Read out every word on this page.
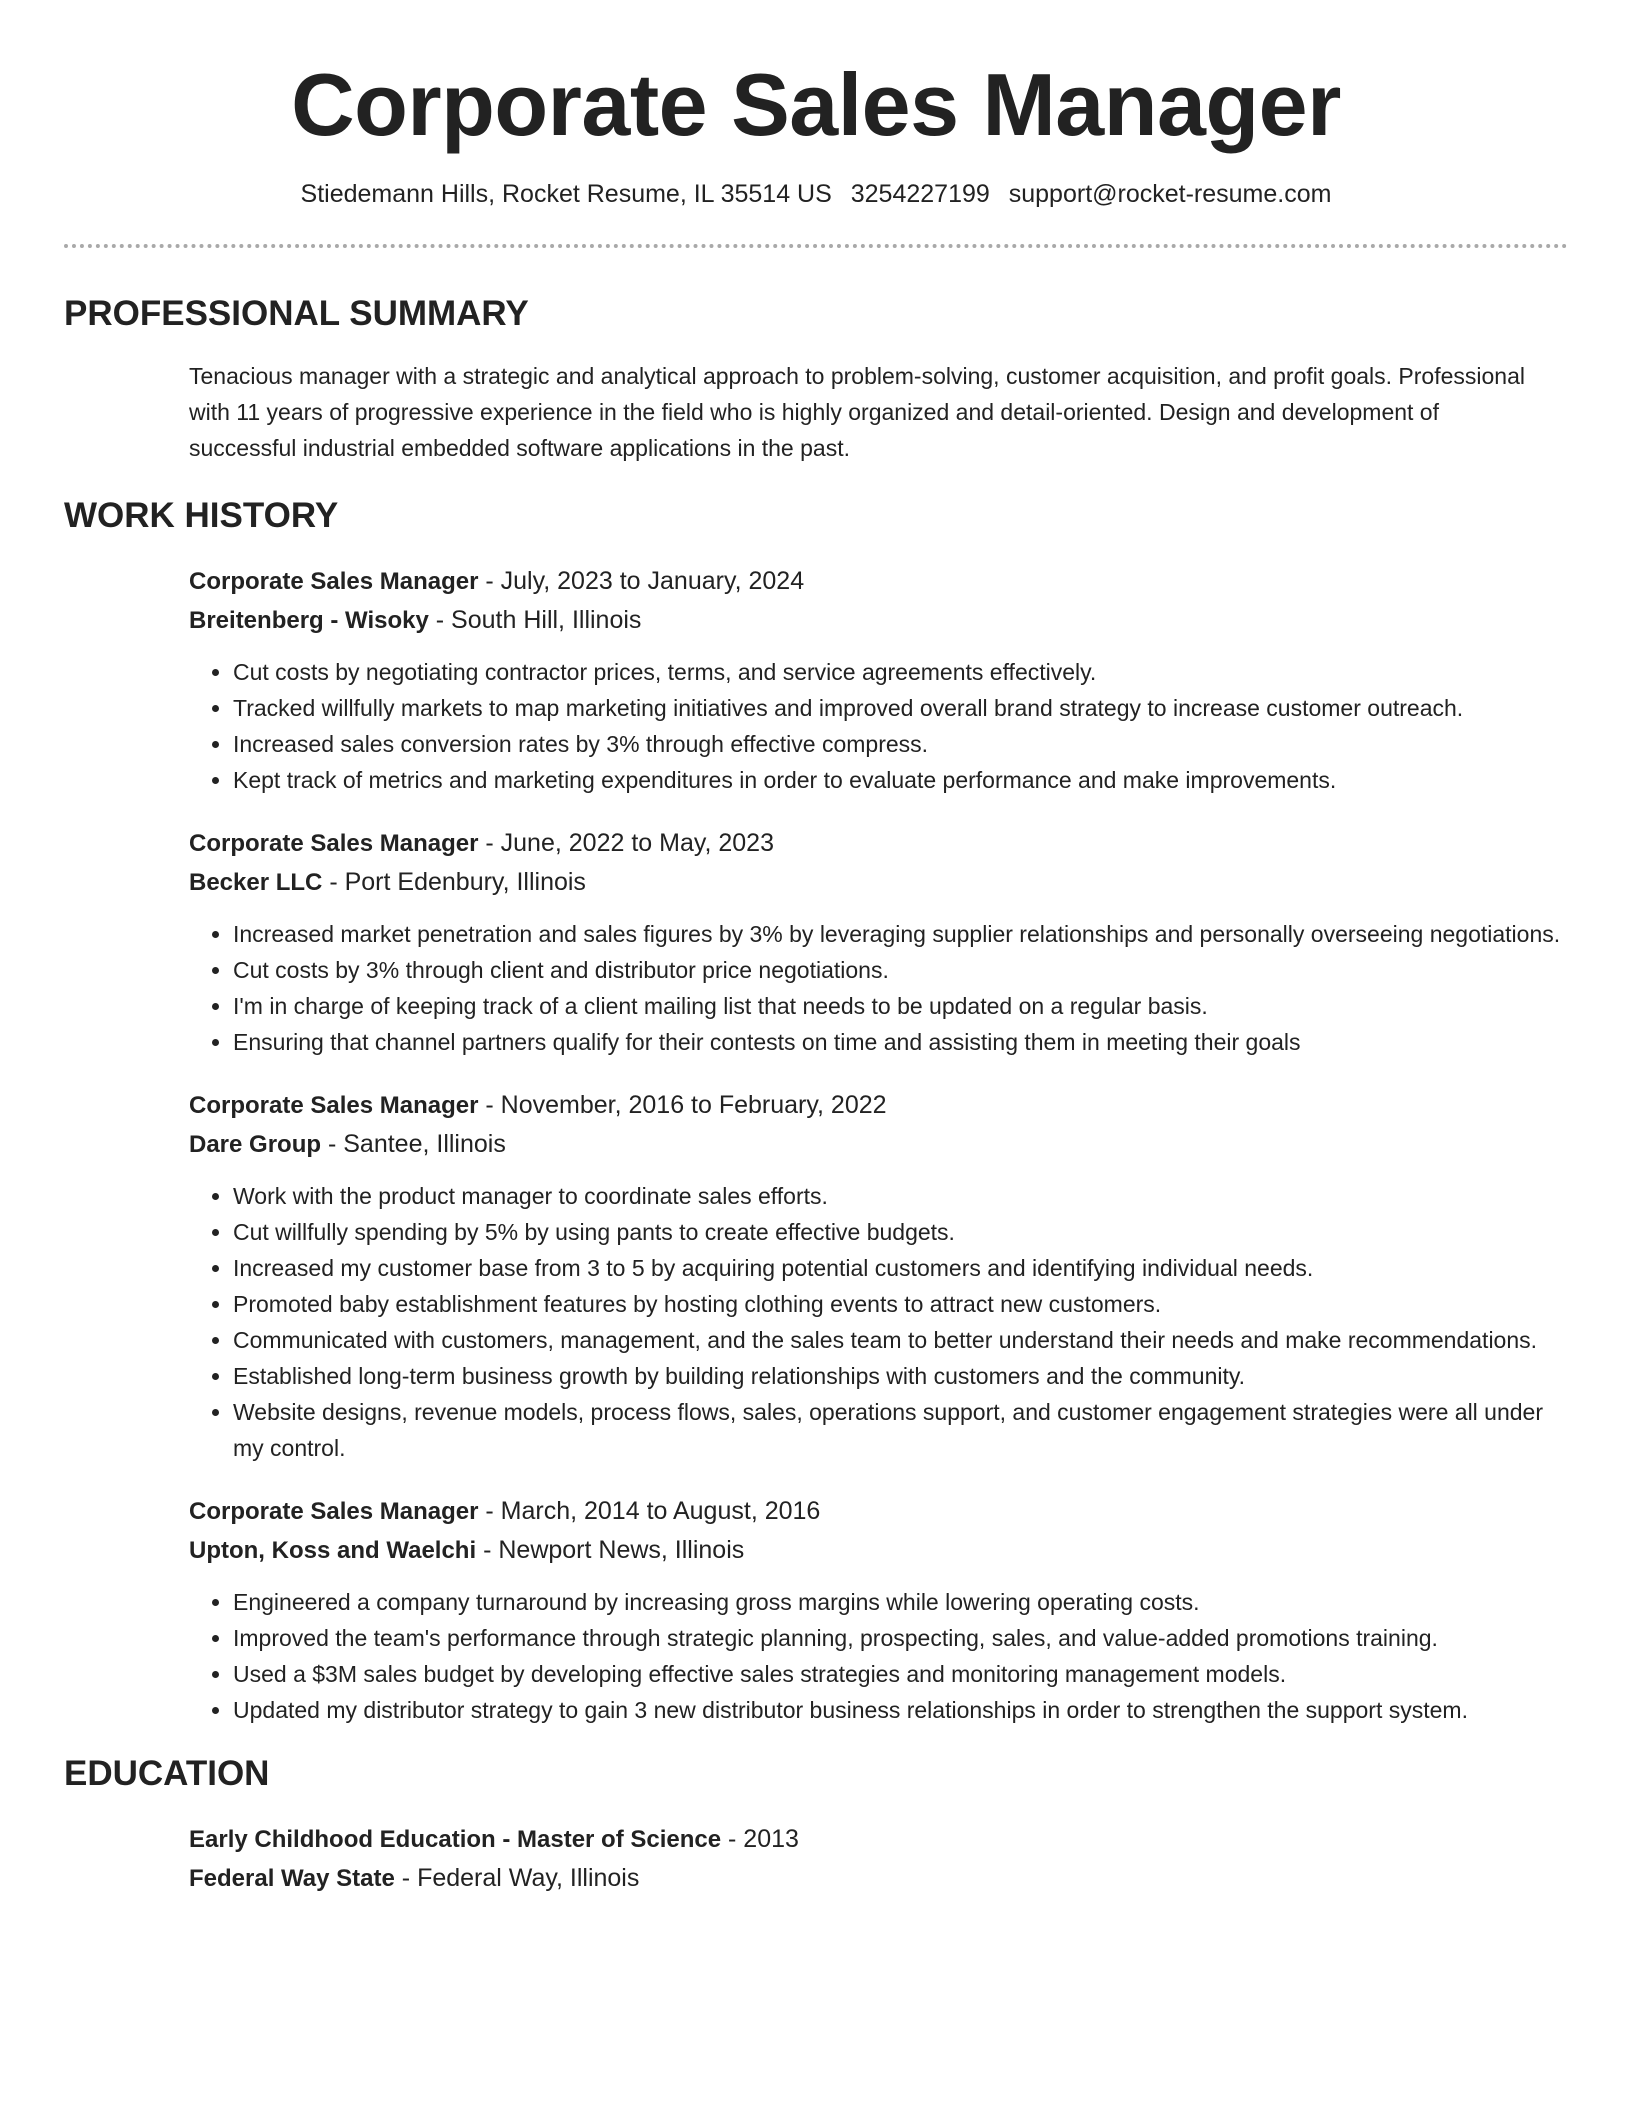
Corporate Sales Manager
Stiedemann Hills, Rocket Resume, IL 35514 US 3254227199 support@rocket-resume.com
PROFESSIONAL SUMMARY

Tenacious manager with a strategic and analytical approach to problem-solving, customer acquisition, and profit goals. Professional with 11 years of progressive experience in the field who is highly organized and detail-oriented. Design and development of successful industrial embedded software applications in the past.

WORK HISTORY
Corporate Sales Manager - July, 2023 to January, 2024
Breitenberg - Wisoky - South Hill, Illinois
• Cut costs by negotiating contractor prices, terms, and service agreements effectively.
• Tracked willfully markets to map marketing initiatives and improved overall brand strategy to increase customer outreach.
• Increased sales conversion rates by 3% through effective compress.
• Kept track of metrics and marketing expenditures in order to evaluate performance and make improvements.
Corporate Sales Manager - June, 2022 to May, 2023
Becker LLC - Port Edenbury, Illinois
• Increased market penetration and sales figures by 3% by leveraging supplier relationships and personally overseeing negotiations.
• Cut costs by 3% through client and distributor price negotiations.
• I'm in charge of keeping track of a client mailing list that needs to be updated on a regular basis.
• Ensuring that channel partners qualify for their contests on time and assisting them in meeting their goals
Corporate Sales Manager - November, 2016 to February, 2022
Dare Group - Santee, Illinois
• Work with the product manager to coordinate sales efforts.
• Cut willfully spending by 5% by using pants to create effective budgets.
• Increased my customer base from 3 to 5 by acquiring potential customers and identifying individual needs.
• Promoted baby establishment features by hosting clothing events to attract new customers.
• Communicated with customers, management, and the sales team to better understand their needs and make recommendations.
• Established long-term business growth by building relationships with customers and the community.
• Website designs, revenue models, process flows, sales, operations support, and customer engagement strategies were all under my control.
Corporate Sales Manager - March, 2014 to August, 2016
Upton, Koss and Waelchi - Newport News, Illinois
• Engineered a company turnaround by increasing gross margins while lowering operating costs.
• Improved the team's performance through strategic planning, prospecting, sales, and value-added promotions training.
• Used a $3M sales budget by developing effective sales strategies and monitoring management models.
• Updated my distributor strategy to gain 3 new distributor business relationships in order to strengthen the support system.
EDUCATION
Early Childhood Education - Master of Science - 2013
Federal Way State - Federal Way, Illinois
